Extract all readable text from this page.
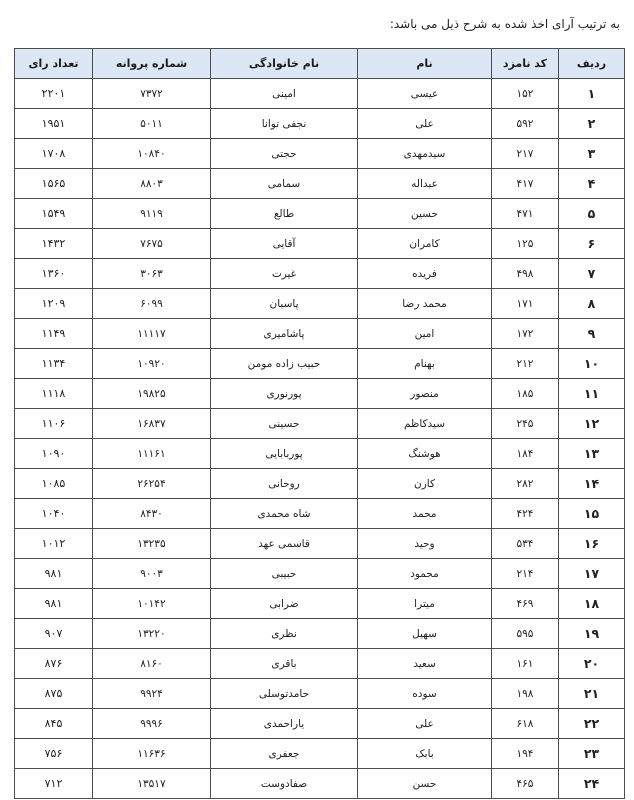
به ترتیب آرای اخذ شده به شرح ذیل می باشد:
ردیف	کد نامزد	نام	نام خانوادگی	شماره پروانه	تعداد رای
۱	۱۵۲	عیسی	امینی	۷۳۷۲	۲۲۰۱
۲	۵۹۲	علی	نجفی توانا	۵۰۱۱	۱۹۵۱
۳	۲۱۷	سیدمهدی	حجتی	۱۰۸۴۰	۱۷۰۸
۴	۴۱۷	عبداله	سمامی	۸۸۰۳	۱۵۶۵
۵	۴۷۱	حسین	طالع	۹۱۱۹	۱۵۴۹
۶	۱۲۵	کامران	آقایی	۷۶۷۵	۱۴۳۲
۷	۴۹۸	فریده	غیرت	۳۰۶۳	۱۳۶۰
۸	۱۷۱	محمد رضا	پاسبان	۶۰۹۹	۱۲۰۹
۹	۱۷۲	امین	پاشامیری	۱۱۱۱۷	۱۱۴۹
۱۰	۲۱۲	بهنام	حبیب زاده مومن	۱۰۹۲۰	۱۱۳۴
۱۱	۱۸۵	منصور	پورنوری	۱۹۸۲۵	۱۱۱۸
۱۲	۲۴۵	سیدکاظم	حسینی	۱۶۸۳۷	۱۱۰۶
۱۳	۱۸۴	هوشنگ	پوربابایی	۱۱۱۶۱	۱۰۹۰
۱۴	۲۸۲	کارن	روحانی	۲۶۲۵۴	۱۰۸۵
۱۵	۴۲۴	محمد	شاه محمدی	۸۴۳۰	۱۰۴۰
۱۶	۵۳۴	وحید	قاسمی عهد	۱۳۲۳۵	۱۰۱۲
۱۷	۲۱۴	محمود	حبیبی	۹۰۰۳	۹۸۱
۱۸	۴۶۹	میترا	ضرابی	۱۰۱۴۲	۹۸۱
۱۹	۵۹۵	سهیل	نظری	۱۳۲۲۰	۹۰۷
۲۰	۱۶۱	سعید	باقری	۸۱۶۰	۸۷۶
۲۱	۱۹۸	سوده	حامدتوسلی	۹۹۲۴	۸۷۵
۲۲	۶۱۸	علی	یاراحمدی	۹۹۹۶	۸۴۵
۲۳	۱۹۴	بابک	جعفری	۱۱۶۳۶	۷۵۶
۲۴	۴۶۵	حسن	صفادوست	۱۳۵۱۷	۷۱۲
